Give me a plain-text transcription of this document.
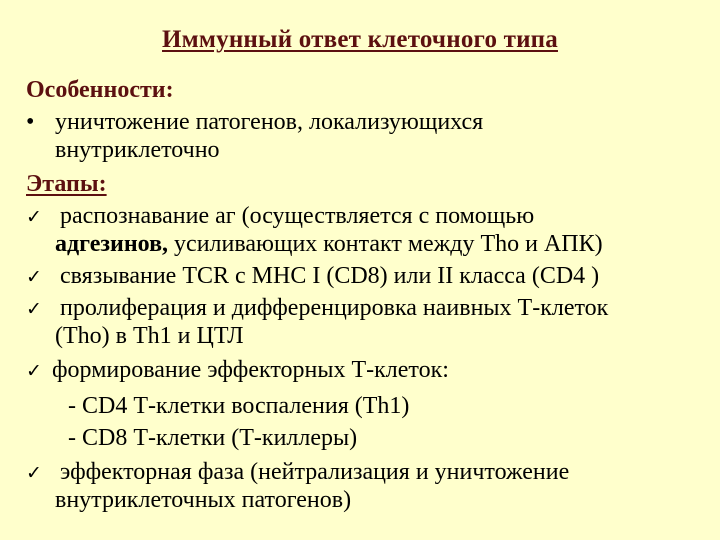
Иммунный ответ клеточного типа
Особенности:
• уничтожение патогенов, локализующихся
внутриклеточно
Этапы:
✓ распознавание аг (осуществляется с помощью
адгезинов, усиливающих контакт между Tho и АПК)
✓ связывание TCR с MHC I (CD8) или II класса (CD4 )
✓ пролиферация и дифференцировка наивных Т-клеток
(Tho) в Th1 и ЦТЛ
✓ формирование эффекторных Т-клеток:
- CD4 Т-клетки воспаления (Th1)
- CD8 Т-клетки (Т-киллеры)
✓ эффекторная фаза (нейтрализация и уничтожение
внутриклеточных патогенов)
